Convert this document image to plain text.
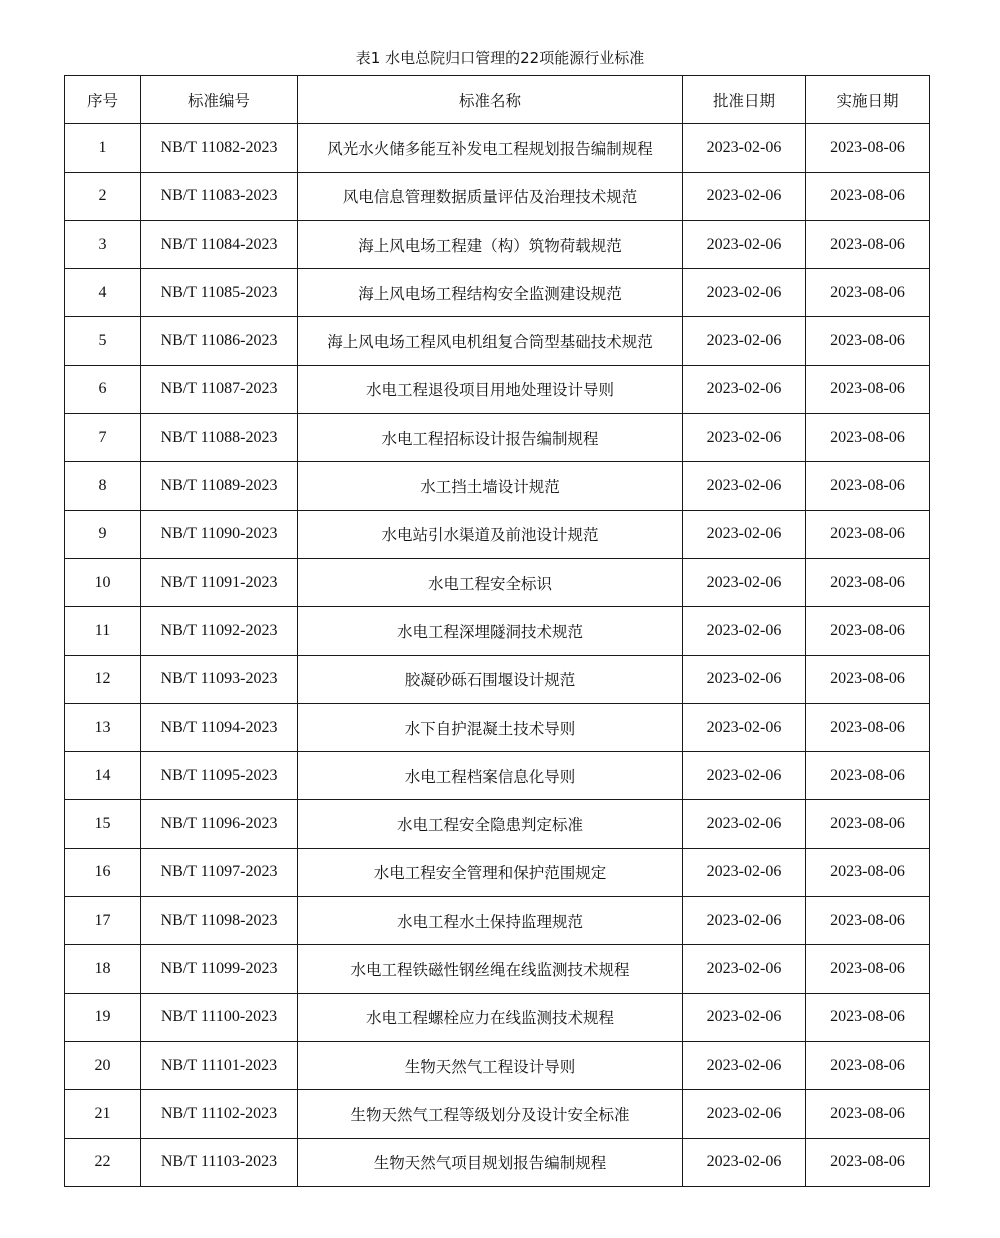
表1 水电总院归口管理的22项能源行业标准
序号	标准编号	标准名称	批准日期	实施日期
1	NB/T 11082-2023	风光水火储多能互补发电工程规划报告编制规程	2023-02-06	2023-08-06
2	NB/T 11083-2023	风电信息管理数据质量评估及治理技术规范	2023-02-06	2023-08-06
3	NB/T 11084-2023	海上风电场工程建（构）筑物荷载规范	2023-02-06	2023-08-06
4	NB/T 11085-2023	海上风电场工程结构安全监测建设规范	2023-02-06	2023-08-06
5	NB/T 11086-2023	海上风电场工程风电机组复合筒型基础技术规范	2023-02-06	2023-08-06
6	NB/T 11087-2023	水电工程退役项目用地处理设计导则	2023-02-06	2023-08-06
7	NB/T 11088-2023	水电工程招标设计报告编制规程	2023-02-06	2023-08-06
8	NB/T 11089-2023	水工挡土墙设计规范	2023-02-06	2023-08-06
9	NB/T 11090-2023	水电站引水渠道及前池设计规范	2023-02-06	2023-08-06
10	NB/T 11091-2023	水电工程安全标识	2023-02-06	2023-08-06
11	NB/T 11092-2023	水电工程深埋隧洞技术规范	2023-02-06	2023-08-06
12	NB/T 11093-2023	胶凝砂砾石围堰设计规范	2023-02-06	2023-08-06
13	NB/T 11094-2023	水下自护混凝土技术导则	2023-02-06	2023-08-06
14	NB/T 11095-2023	水电工程档案信息化导则	2023-02-06	2023-08-06
15	NB/T 11096-2023	水电工程安全隐患判定标准	2023-02-06	2023-08-06
16	NB/T 11097-2023	水电工程安全管理和保护范围规定	2023-02-06	2023-08-06
17	NB/T 11098-2023	水电工程水土保持监理规范	2023-02-06	2023-08-06
18	NB/T 11099-2023	水电工程铁磁性钢丝绳在线监测技术规程	2023-02-06	2023-08-06
19	NB/T 11100-2023	水电工程螺栓应力在线监测技术规程	2023-02-06	2023-08-06
20	NB/T 11101-2023	生物天然气工程设计导则	2023-02-06	2023-08-06
21	NB/T 11102-2023	生物天然气工程等级划分及设计安全标准	2023-02-06	2023-08-06
22	NB/T 11103-2023	生物天然气项目规划报告编制规程	2023-02-06	2023-08-06
